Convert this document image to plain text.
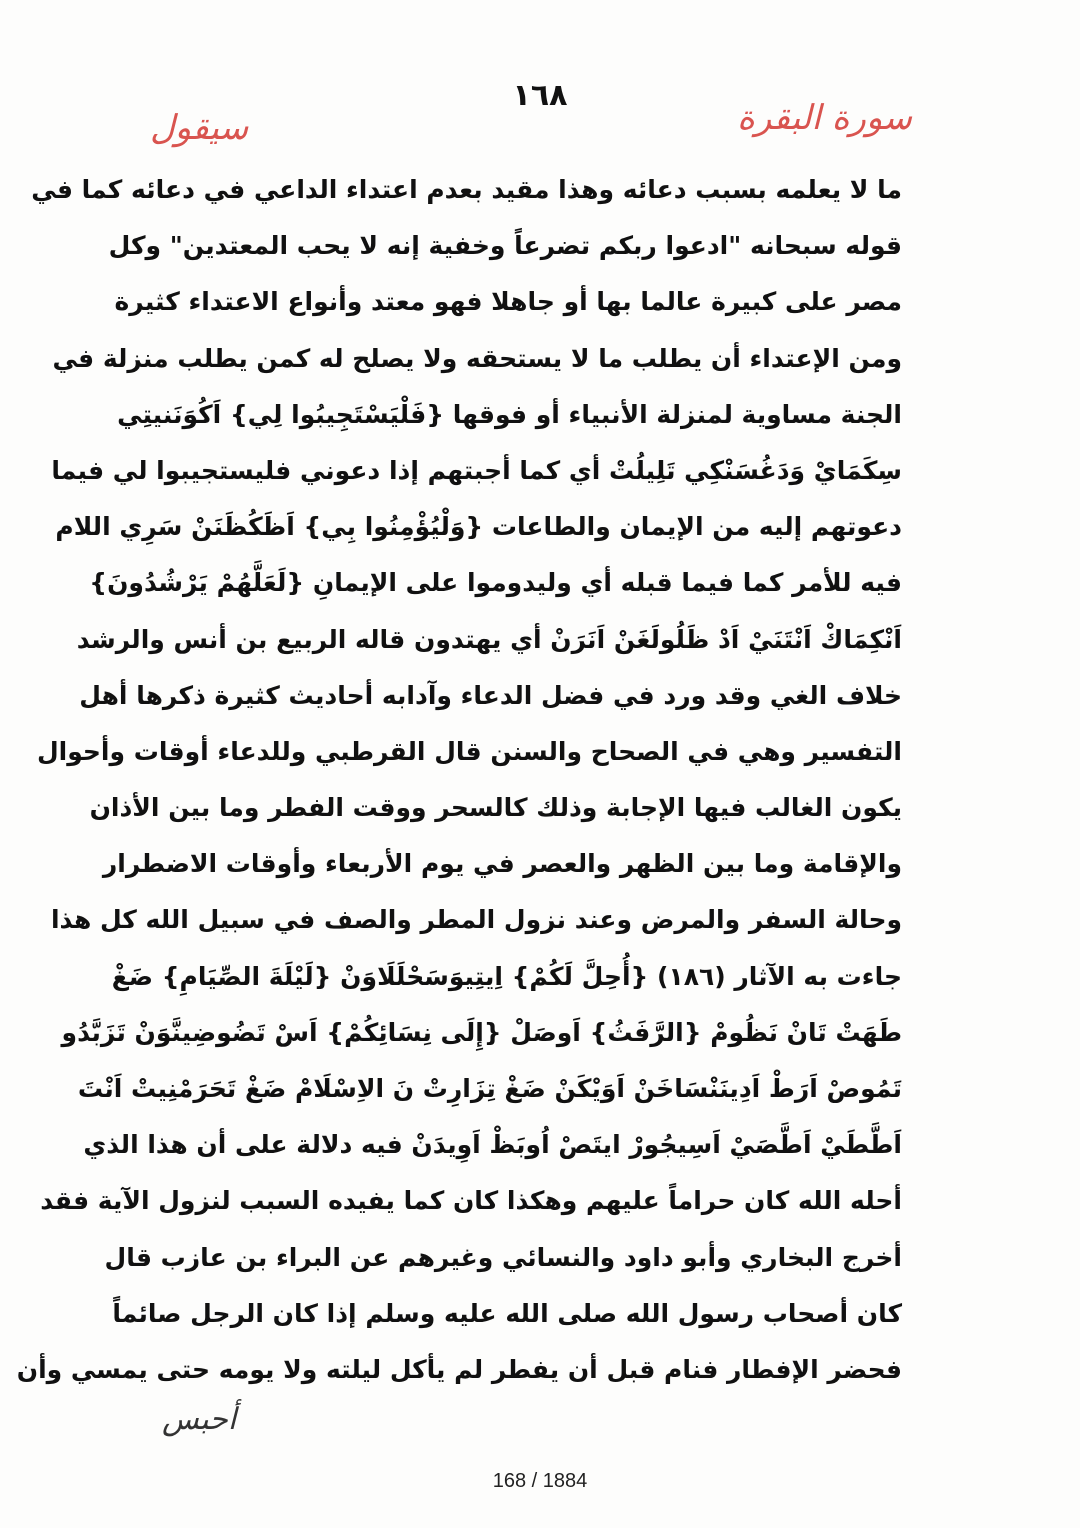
١٦٨
سورة البقرة
سيقول
ما لا يعلمه بسبب دعائه وهذا مقيد بعدم اعتداء الداعي في دعائه كما في
قوله سبحانه "ادعوا ربكم تضرعاً وخفية إنه لا يحب المعتدين" وكل
مصر على كبيرة عالما بها أو جاهلا فهو معتد وأنواع الاعتداء كثيرة
ومن الإعتداء أن يطلب ما لا يستحقه ولا يصلح له كمن يطلب منزلة في
الجنة مساوية لمنزلة الأنبياء أو فوقها {فَلْيَسْتَجِيبُوا لِي} اَكُوَنَنيتِي
سِكَمَايْ وَدَغُسَنْكِي تَلِيلُتْ أي كما أجبتهم إذا دعوني فليستجيبوا لي فيما
دعوتهم إليه من الإيمان والطاعات {وَلْيُؤْمِنُوا بِي} اَظَكُظَنَنْ سَرِي اللام
فيه للأمر كما فيما قبله أي وليدوموا على الإيمانِ {لَعَلَّهُمْ يَرْشُدُونَ}
اَنْكِمَاكْ اَنْتَنَيْ اَدْ ظَلُولَغَنْ اَنَرَنْ أي يهتدون قاله الربيع بن أنس والرشد
خلاف الغي وقد ورد في فضل الدعاء وآدابه أحاديث كثيرة ذكرها أهل
التفسير وهي في الصحاح والسنن قال القرطبي وللدعاء أوقات وأحوال
يكون الغالب فيها الإجابة وذلك كالسحر ووقت الفطر وما بين الأذان
والإقامة وما بين الظهر والعصر في يوم الأربعاء وأوقات الاضطرار
وحالة السفر والمرض وعند نزول المطر والصف في سبيل الله كل هذا
جاءت به الآثار (١٨٦) {أُحِلَّ لَكُمْ} اِيتِيوَسَحْلَلَاوَنْ {لَيْلَةَ الصِّيَامِ} ضَغْ
طَهَتْ تَانْ نَظُومْ {الرَّفَثُ} اَوصَلْ {إِلَى نِسَائِكُمْ} اَسْ تَضُوضِينَّوَنْ تَزَبَّدُو
تَمُوصْ اَرَطْ اَدِينَنْسَاخَنْ اَوَيْكَنْ ضَغْ تِزَارِتْ نَ الاِسْلَامْ ضَغْ تَحَرَمْنِيتْ اَنْتَ
اَطَّطَيْ اَطَّصَيْ اَسِيجُورْ ايتَصْ اُوبَظْ اَوِيدَنْ فيه دلالة على أن هذا الذي
أحله الله كان حراماً عليهم وهكذا كان كما يفيده السبب لنزول الآية فقد
أخرج البخاري وأبو داود والنسائي وغيرهم عن البراء بن عازب قال
كان أصحاب رسول الله صلى الله عليه وسلم إذا كان الرجل صائماً
فحضر الإفطار فنام قبل أن يفطر لم يأكل ليلته ولا يومه حتى يمسي وأن
أحبس
168 / 1884
